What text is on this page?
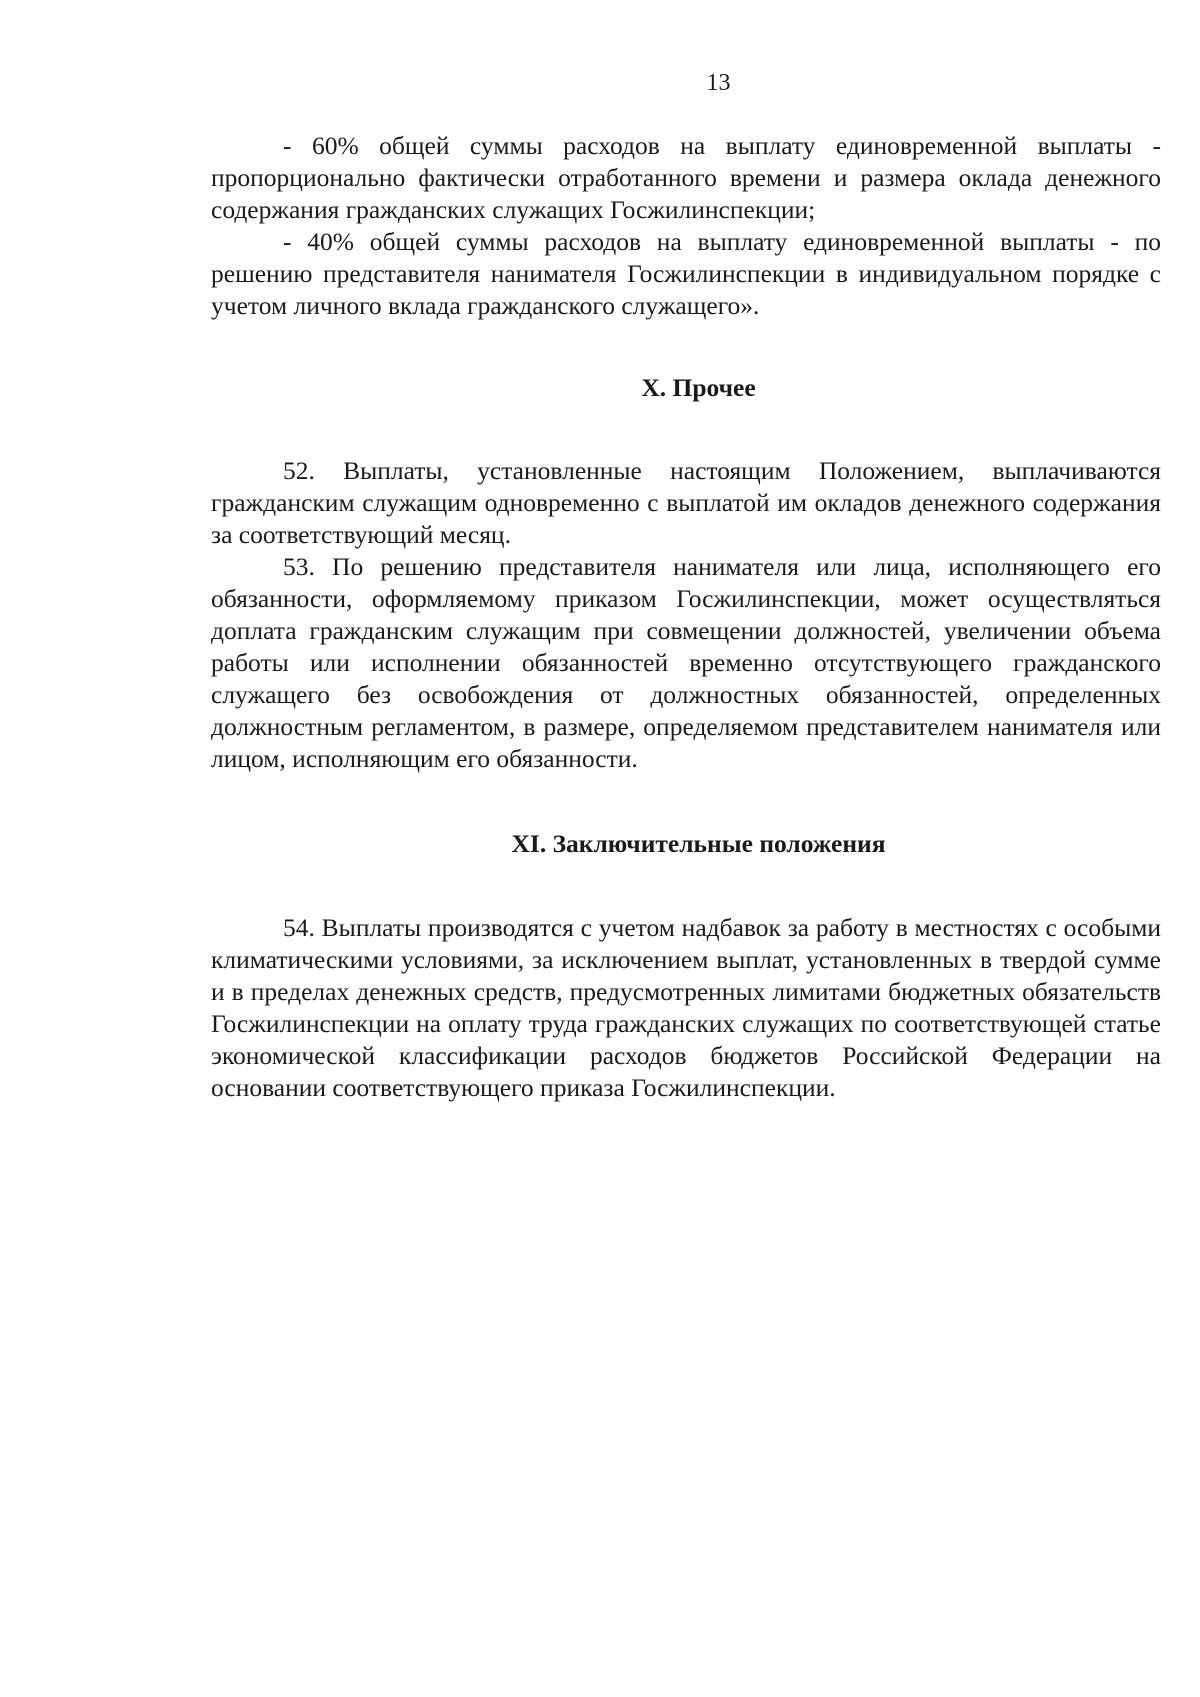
13

- 60% общей суммы расходов на выплату единовременной выплаты - пропорционально фактически отработанного времени и размера оклада денежного содержания гражданских служащих Госжилинспекции;

- 40% общей суммы расходов на выплату единовременной выплаты - по решению представителя нанимателя Госжилинспекции в индивидуальном порядке с учетом личного вклада гражданского служащего».

X. Прочее

52. Выплаты, установленные настоящим Положением, выплачиваются гражданским служащим одновременно с выплатой им окладов денежного содержания за соответствующий месяц.

53. По решению представителя нанимателя или лица, исполняющего его обязанности, оформляемому приказом Госжилинспекции, может осуществляться доплата гражданским служащим при совмещении должностей, увеличении объема работы или исполнении обязанностей временно отсутствующего гражданского служащего без освобождения от должностных обязанностей, определенных должностным регламентом, в размере, определяемом представителем нанимателя или лицом, исполняющим его обязанности.

XI. Заключительные положения

54. Выплаты производятся с учетом надбавок за работу в местностях с особыми климатическими условиями, за исключением выплат, установленных в твердой сумме и в пределах денежных средств, предусмотренных лимитами бюджетных обязательств Госжилинспекции на оплату труда гражданских служащих по соответствующей статье экономической классификации расходов бюджетов Российской Федерации на основании соответствующего приказа Госжилинспекции.
